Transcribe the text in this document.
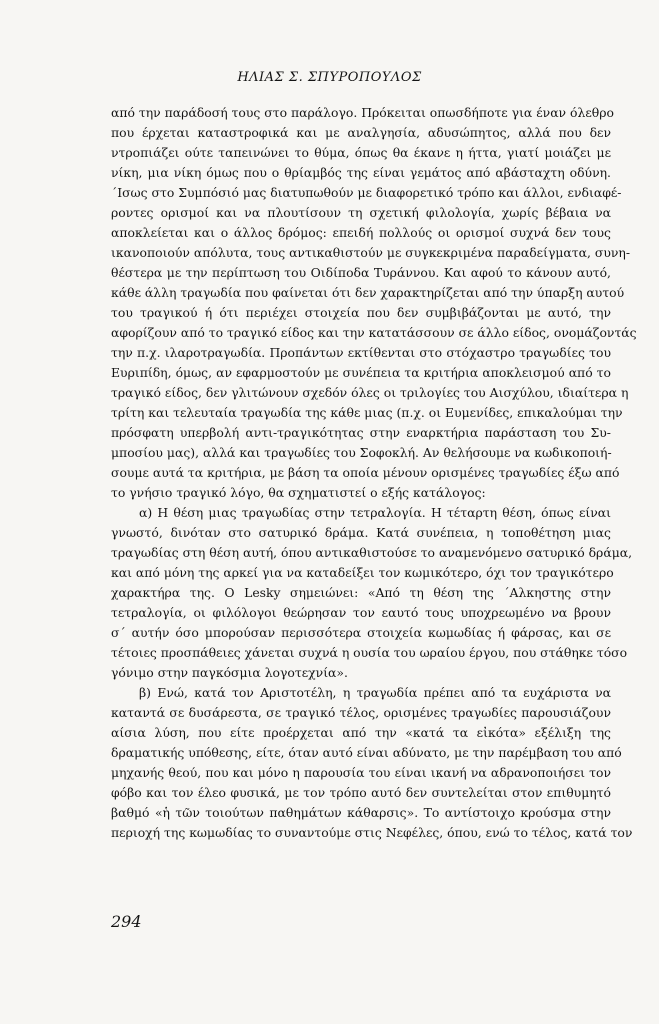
ΗΛΙΑΣ Σ. ΣΠΥΡΟΠΟΥΛΟΣ
από την παράδοσή τους στο παράλογο. Πρόκειται οπωσδήποτε για έναν όλεθρο
που έρχεται καταστροφικά και με αναλγησία, αδυσώπητος, αλλά που δεν
ντροπιάζει ούτε ταπεινώνει το θύμα, όπως θα έκανε η ήττα, γιατί μοιάζει με
νίκη, μια νίκη όμως που ο θρίαμβός της είναι γεμάτος από αβάσταχτη οδύνη.
΄Ισως στο Συμπόσιό μας διατυπωθούν με διαφορετικό τρόπο και άλλοι, ενδιαφέ-
ροντες ορισμοί και να πλουτίσουν τη σχετική φιλολογία, χωρίς βέβαια να
αποκλείεται και ο άλλος δρόμος: επειδή πολλούς οι ορισμοί συχνά δεν τους
ικανοποιούν απόλυτα, τους αντικαθιστούν με συγκεκριμένα παραδείγματα, συνη-
θέστερα με την περίπτωση του Οιδίποδα Τυράννου. Και αφού το κάνουν αυτό,
κάθε άλλη τραγωδία που φαίνεται ότι δεν χαρακτηρίζεται από την ύπαρξη αυτού
του τραγικού ή ότι περιέχει στοιχεία που δεν συμβιβάζονται με αυτό, την
αφορίζουν από το τραγικό είδος και την κατατάσσουν σε άλλο είδος, ονομάζοντάς
την π.χ. ιλαροτραγωδία. Προπάντων εκτίθενται στο στόχαστρο τραγωδίες του
Ευριπίδη, όμως, αν εφαρμοστούν με συνέπεια τα κριτήρια αποκλεισμού από το
τραγικό είδος, δεν γλιτώνουν σχεδόν όλες οι τριλογίες του Αισχύλου, ιδιαίτερα η
τρίτη και τελευταία τραγωδία της κάθε μιας (π.χ. οι Ευμενίδες, επικαλούμαι την
πρόσφατη υπερβολή αντι-τραγικότητας στην εναρκτήρια παράσταση του Συ-
μποσίου μας), αλλά και τραγωδίες του Σοφοκλή. Αν θελήσουμε να κωδικοποιή-
σουμε αυτά τα κριτήρια, με βάση τα οποία μένουν ορισμένες τραγωδίες έξω από
το γνήσιο τραγικό λόγο, θα σχηματιστεί ο εξής κατάλογος:
α) Η θέση μιας τραγωδίας στην τετραλογία. Η τέταρτη θέση, όπως είναι
γνωστό, δινόταν στο σατυρικό δράμα. Κατά συνέπεια, η τοποθέτηση μιας
τραγωδίας στη θέση αυτή, όπου αντικαθιστούσε το αναμενόμενο σατυρικό δράμα,
και από μόνη της αρκεί για να καταδείξει τον κωμικότερο, όχι τον τραγικότερο
χαρακτήρα της. Ο Lesky σημειώνει: «Από τη θέση της ΄Αλκηστης στην
τετραλογία, οι φιλόλογοι θεώρησαν τον εαυτό τους υποχρεωμένο να βρουν
σ΄ αυτήν όσο μπορούσαν περισσότερα στοιχεία κωμωδίας ή φάρσας, και σε
τέτοιες προσπάθειες χάνεται συχνά η ουσία του ωραίου έργου, που στάθηκε τόσο
γόνιμο στην παγκόσμια λογοτεχνία».
β) Ενώ, κατά τον Αριστοτέλη, η τραγωδία πρέπει από τα ευχάριστα να
καταντά σε δυσάρεστα, σε τραγικό τέλος, ορισμένες τραγωδίες παρουσιάζουν
αίσια λύση, που είτε προέρχεται από την «κατά τα εἰκότα» εξέλιξη της
δραματικής υπόθεσης, είτε, όταν αυτό είναι αδύνατο, με την παρέμβαση του από
μηχανής θεού, που και μόνο η παρουσία του είναι ικανή να αδρανοποιήσει τον
φόβο και τον έλεο φυσικά, με τον τρόπο αυτό δεν συντελείται στον επιθυμητό
βαθμό «ἡ τῶν τοιούτων παθημάτων κάθαρσις». Το αντίστοιχο κρούσμα στην
περιοχή της κωμωδίας το συναντούμε στις Νεφέλες, όπου, ενώ το τέλος, κατά τον
294
